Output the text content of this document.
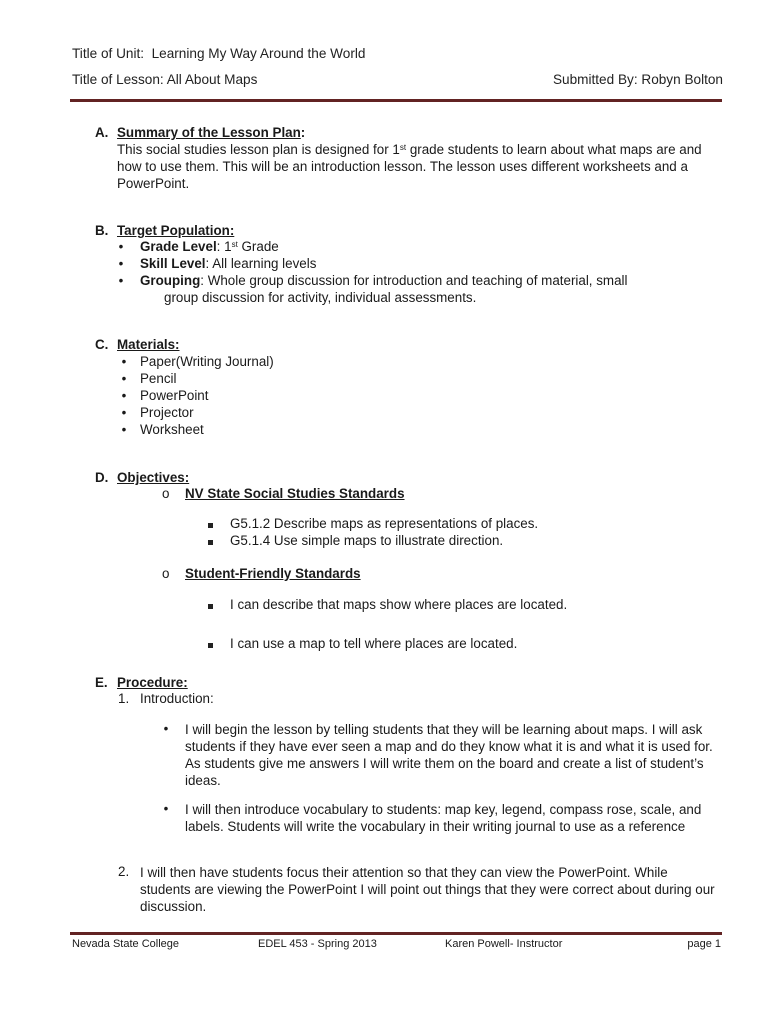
Title of Unit: Learning My Way Around the World
Title of Lesson: All About Maps	Submitted By: Robyn Bolton
A. Summary of the Lesson Plan:
This social studies lesson plan is designed for 1st grade students to learn about what maps are and how to use them. This will be an introduction lesson. The lesson uses different worksheets and a PowerPoint.
B. Target Population:
• Grade Level: 1st Grade
• Skill Level: All learning levels
• Grouping: Whole group discussion for introduction and teaching of material, small
group discussion for activity, individual assessments.
C. Materials:
• Paper(Writing Journal)
• Pencil
• PowerPoint
• Projector
• Worksheet
D. Objectives:
o NV State Social Studies Standards
G5.1.2 Describe maps as representations of places.
G5.1.4 Use simple maps to illustrate direction.
o Student-Friendly Standards
I can describe that maps show where places are located.
I can use a map to tell where places are located.
E. Procedure:
1. Introduction:
• I will begin the lesson by telling students that they will be learning about maps. I will ask students if they have ever seen a map and do they know what it is and what it is used for. As students give me answers I will write them on the board and create a list of student’s ideas.
• I will then introduce vocabulary to students: map key, legend, compass rose, scale, and labels. Students will write the vocabulary in their writing journal to use as a reference
2. I will then have students focus their attention so that they can view the PowerPoint. While students are viewing the PowerPoint I will point out things that they were correct about during our discussion.
Nevada State College	EDEL 453 - Spring 2013	Karen Powell- Instructor	page 1
